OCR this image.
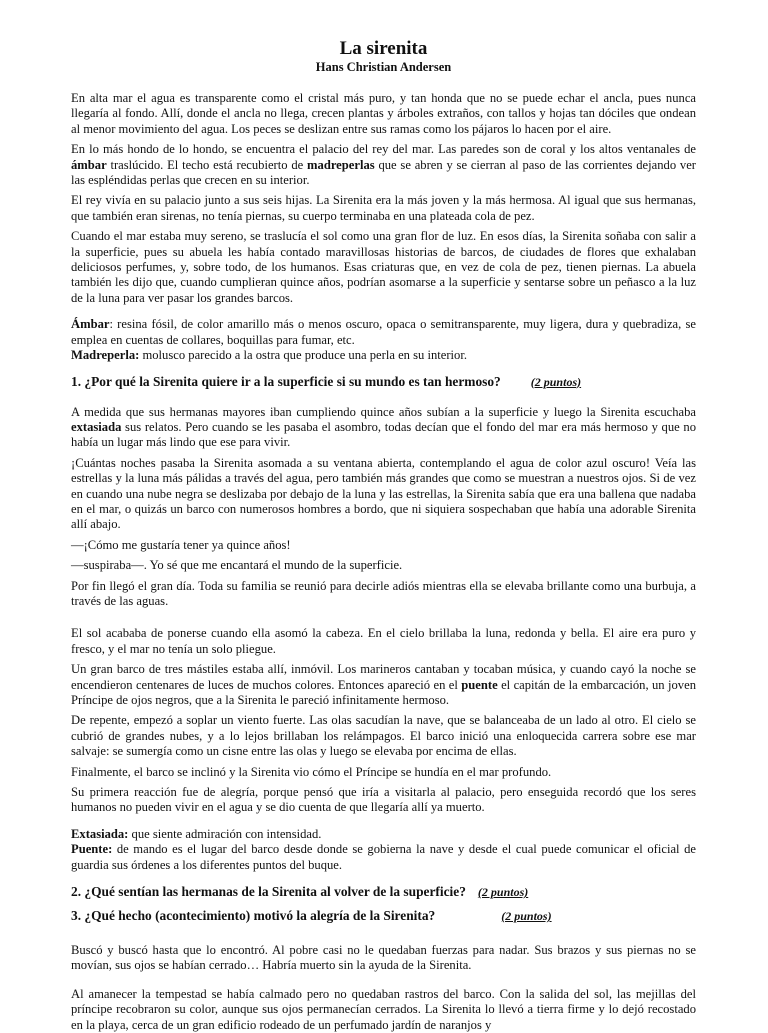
La sirenita

Hans Christian Andersen

En alta mar el agua es transparente como el cristal más puro, y tan honda que no se puede echar el ancla, pues nunca llegaría al fondo. Allí, donde el ancla no llega, crecen plantas y árboles extraños, con tallos y hojas tan dóciles que ondean al menor movimiento del agua. Los peces se deslizan entre sus ramas como los pájaros lo hacen por el aire.

En lo más hondo de lo hondo, se encuentra el palacio del rey del mar. Las paredes son de coral y los altos ventanales de ámbar traslúcido. El techo está recubierto de madreperlas que se abren y se cierran al paso de las corrientes dejando ver las espléndidas perlas que crecen en su interior.

El rey vivía en su palacio junto a sus seis hijas. La Sirenita era la más joven y la más hermosa. Al igual que sus hermanas, que también eran sirenas, no tenía piernas, su cuerpo terminaba en una plateada cola de pez.

Cuando el mar estaba muy sereno, se traslucía el sol como una gran flor de luz. En esos días, la Sirenita soñaba con salir a la superficie, pues su abuela les había contado maravillosas historias de barcos, de ciudades de flores que exhalaban deliciosos perfumes, y, sobre todo, de los humanos. Esas criaturas que, en vez de cola de pez, tienen piernas. La abuela también les dijo que, cuando cumplieran quince años, podrían asomarse a la superficie y sentarse sobre un peñasco a la luz de la luna para ver pasar los grandes barcos.

Ámbar: resina fósil, de color amarillo más o menos oscuro, opaca o semitransparente, muy ligera, dura y quebradiza, se emplea en cuentas de collares, boquillas para fumar, etc.

Madreperla: molusco parecido a la ostra que produce una perla en su interior.

1. ¿Por qué la Sirenita quiere ir a la superficie si su mundo es tan hermoso?	(2 puntos)

A medida que sus hermanas mayores iban cumpliendo quince años subían a la superficie y luego la Sirenita escuchaba extasiada sus relatos. Pero cuando se les pasaba el asombro, todas decían que el fondo del mar era más hermoso y que no había un lugar más lindo que ese para vivir.

¡Cuántas noches pasaba la Sirenita asomada a su ventana abierta, contemplando el agua de color azul oscuro! Veía las estrellas y la luna más pálidas a través del agua, pero también más grandes que como se muestran a nuestros ojos. Si de vez en cuando una nube negra se deslizaba por debajo de la luna y las estrellas, la Sirenita sabía que era una ballena que nadaba en el mar, o quizás un barco con numerosos hombres a bordo, que ni siquiera sospechaban que había una adorable Sirenita allí abajo.

—¡Cómo me gustaría tener ya quince años!

—suspiraba—. Yo sé que me encantará el mundo de la superficie.

Por fin llegó el gran día. Toda su familia se reunió para decirle adiós mientras ella se elevaba brillante como una burbuja, a través de las aguas.

El sol acababa de ponerse cuando ella asomó la cabeza. En el cielo brillaba la luna, redonda y bella. El aire era puro y fresco, y el mar no tenía un solo pliegue.

Un gran barco de tres mástiles estaba allí, inmóvil. Los marineros cantaban y tocaban música, y cuando cayó la noche se encendieron centenares de luces de muchos colores. Entonces apareció en el puente el capitán de la embarcación, un joven Príncipe de ojos negros, que a la Sirenita le pareció infinitamente hermoso.

De repente, empezó a soplar un viento fuerte. Las olas sacudían la nave, que se balanceaba de un lado al otro. El cielo se cubrió de grandes nubes, y a lo lejos brillaban los relámpagos. El barco inició una enloquecida carrera sobre ese mar salvaje: se sumergía como un cisne entre las olas y luego se elevaba por encima de ellas.

Finalmente, el barco se inclinó y la Sirenita vio cómo el Príncipe se hundía en el mar profundo.

Su primera reacción fue de alegría, porque pensó que iría a visitarla al palacio, pero enseguida recordó que los seres humanos no pueden vivir en el agua y se dio cuenta de que llegaría allí ya muerto.

Extasiada: que siente admiración con intensidad.

Puente: de mando es el lugar del barco desde donde se gobierna la nave y desde el cual puede comunicar el oficial de guardia sus órdenes a los diferentes puntos del buque.

2. ¿Qué sentían las hermanas de la Sirenita al volver de la superficie? (2 puntos)

3. ¿Qué hecho (acontecimiento) motivó la alegría de la Sirenita?	(2 puntos)

Buscó y buscó hasta que lo encontró. Al pobre casi no le quedaban fuerzas para nadar. Sus brazos y sus piernas no se movían, sus ojos se habían cerrado… Habría muerto sin la ayuda de la Sirenita.

Al amanecer la tempestad se había calmado pero no quedaban rastros del barco. Con la salida del sol, las mejillas del príncipe recobraron su color, aunque sus ojos permanecían cerrados. La Sirenita lo llevó a tierra firme y lo dejó recostado en la playa, cerca de un gran edificio rodeado de un perfumado jardín de naranjos y
